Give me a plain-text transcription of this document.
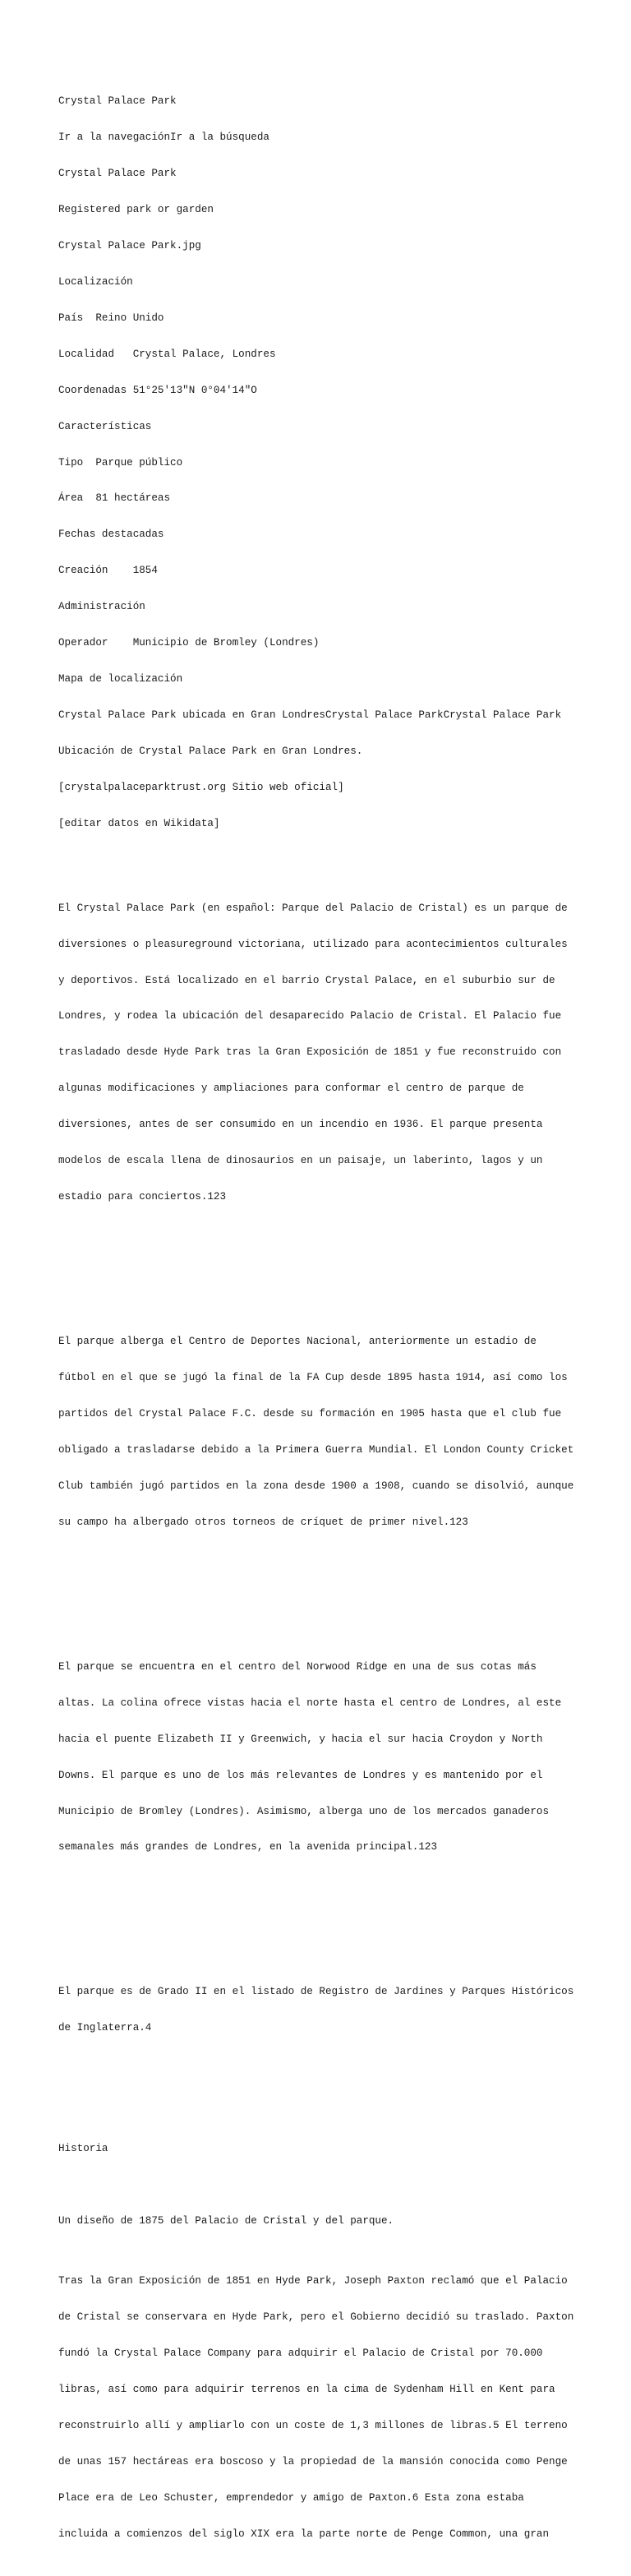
Crystal Palace Park

Ir a la navegaciónIr a la búsqueda

Crystal Palace Park

Registered park or garden

Crystal Palace Park.jpg

Localización

País  Reino Unido

Localidad   Crystal Palace, Londres

Coordenadas 51°25′13″N 0°04′14″O

Características

Tipo  Parque público

Área  81 hectáreas

Fechas destacadas

Creación    1854

Administración

Operador    Municipio de Bromley (Londres)

Mapa de localización

Crystal Palace Park ubicada en Gran LondresCrystal Palace ParkCrystal Palace Park

Ubicación de Crystal Palace Park en Gran Londres.

[crystalpalaceparktrust.org Sitio web oficial]

[editar datos en Wikidata]

El Crystal Palace Park (en español: Parque del Palacio de Cristal) es un parque de

diversiones o pleasureground victoriana, utilizado para acontecimientos culturales

y deportivos. Está localizado en el barrio Crystal Palace, en el suburbio sur de

Londres, y rodea la ubicación del desaparecido Palacio de Cristal. El Palacio fue

trasladado desde Hyde Park tras la Gran Exposición de 1851 y fue reconstruido con

algunas modificaciones y ampliaciones para conformar el centro de parque de

diversiones, antes de ser consumido en un incendio en 1936. El parque presenta

modelos de escala llena de dinosaurios en un paisaje, un laberinto, lagos y un

estadio para conciertos.123

El parque alberga el Centro de Deportes Nacional, anteriormente un estadio de

fútbol en el que se jugó la final de la FA Cup desde 1895 hasta 1914, así como los

partidos del Crystal Palace F.C. desde su formación en 1905 hasta que el club fue

obligado a trasladarse debido a la Primera Guerra Mundial. El London County Cricket

Club también jugó partidos en la zona desde 1900 a 1908, cuando se disolvió, aunque

su campo ha albergado otros torneos de críquet de primer nivel.123

El parque se encuentra en el centro del Norwood Ridge en una de sus cotas más

altas. La colina ofrece vistas hacia el norte hasta el centro de Londres, al este

hacia el puente Elizabeth II y Greenwich, y hacia el sur hacia Croydon y North

Downs. El parque es uno de los más relevantes de Londres y es mantenido por el

Municipio de Bromley (Londres). Asimismo, alberga uno de los mercados ganaderos

semanales más grandes de Londres, en la avenida principal.123

El parque es de Grado II en el listado de Registro de Jardines y Parques Históricos

de Inglaterra.4

Historia

Un diseño de 1875 del Palacio de Cristal y del parque.

Tras la Gran Exposición de 1851 en Hyde Park, Joseph Paxton reclamó que el Palacio

de Cristal se conservara en Hyde Park, pero el Gobierno decidió su traslado. Paxton

fundó la Crystal Palace Company para adquirir el Palacio de Cristal por 70.000

libras, así como para adquirir terrenos en la cima de Sydenham Hill en Kent para

reconstruirlo allí y ampliarlo con un coste de 1,3 millones de libras.5 El terreno

de unas 157 hectáreas era boscoso y la propiedad de la mansión conocida como Penge

Place era de Leo Schuster, emprendedor y amigo de Paxton.6 Esta zona estaba

incluida a comienzos del siglo XIX era la parte norte de Penge Common, una gran
